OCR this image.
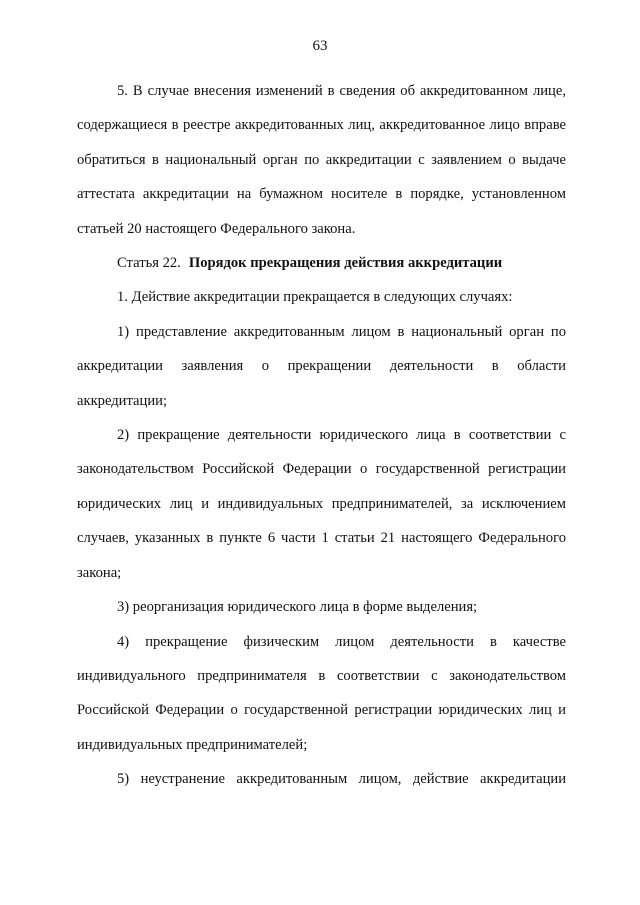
63

5. В случае внесения изменений в сведения об аккредитованном лице, содержащиеся в реестре аккредитованных лиц, аккредитованное лицо вправе обратиться в национальный орган по аккредитации с заявлением о выдаче аттестата аккредитации на бумажном носителе в порядке, установленном статьей 20 настоящего Федерального закона.

Статья 22. Порядок прекращения действия аккредитации

1. Действие аккредитации прекращается в следующих случаях:

1) представление аккредитованным лицом в национальный орган по аккредитации заявления о прекращении деятельности в области аккредитации;

2) прекращение деятельности юридического лица в соответствии с законодательством Российской Федерации о государственной регистрации юридических лиц и индивидуальных предпринимателей, за исключением случаев, указанных в пункте 6 части 1 статьи 21 настоящего Федерального закона;

3) реорганизация юридического лица в форме выделения;

4) прекращение физическим лицом деятельности в качестве индивидуального предпринимателя в соответствии с законодательством Российской Федерации о государственной регистрации юридических лиц и индивидуальных предпринимателей;

5) неустранение аккредитованным лицом, действие аккредитации
